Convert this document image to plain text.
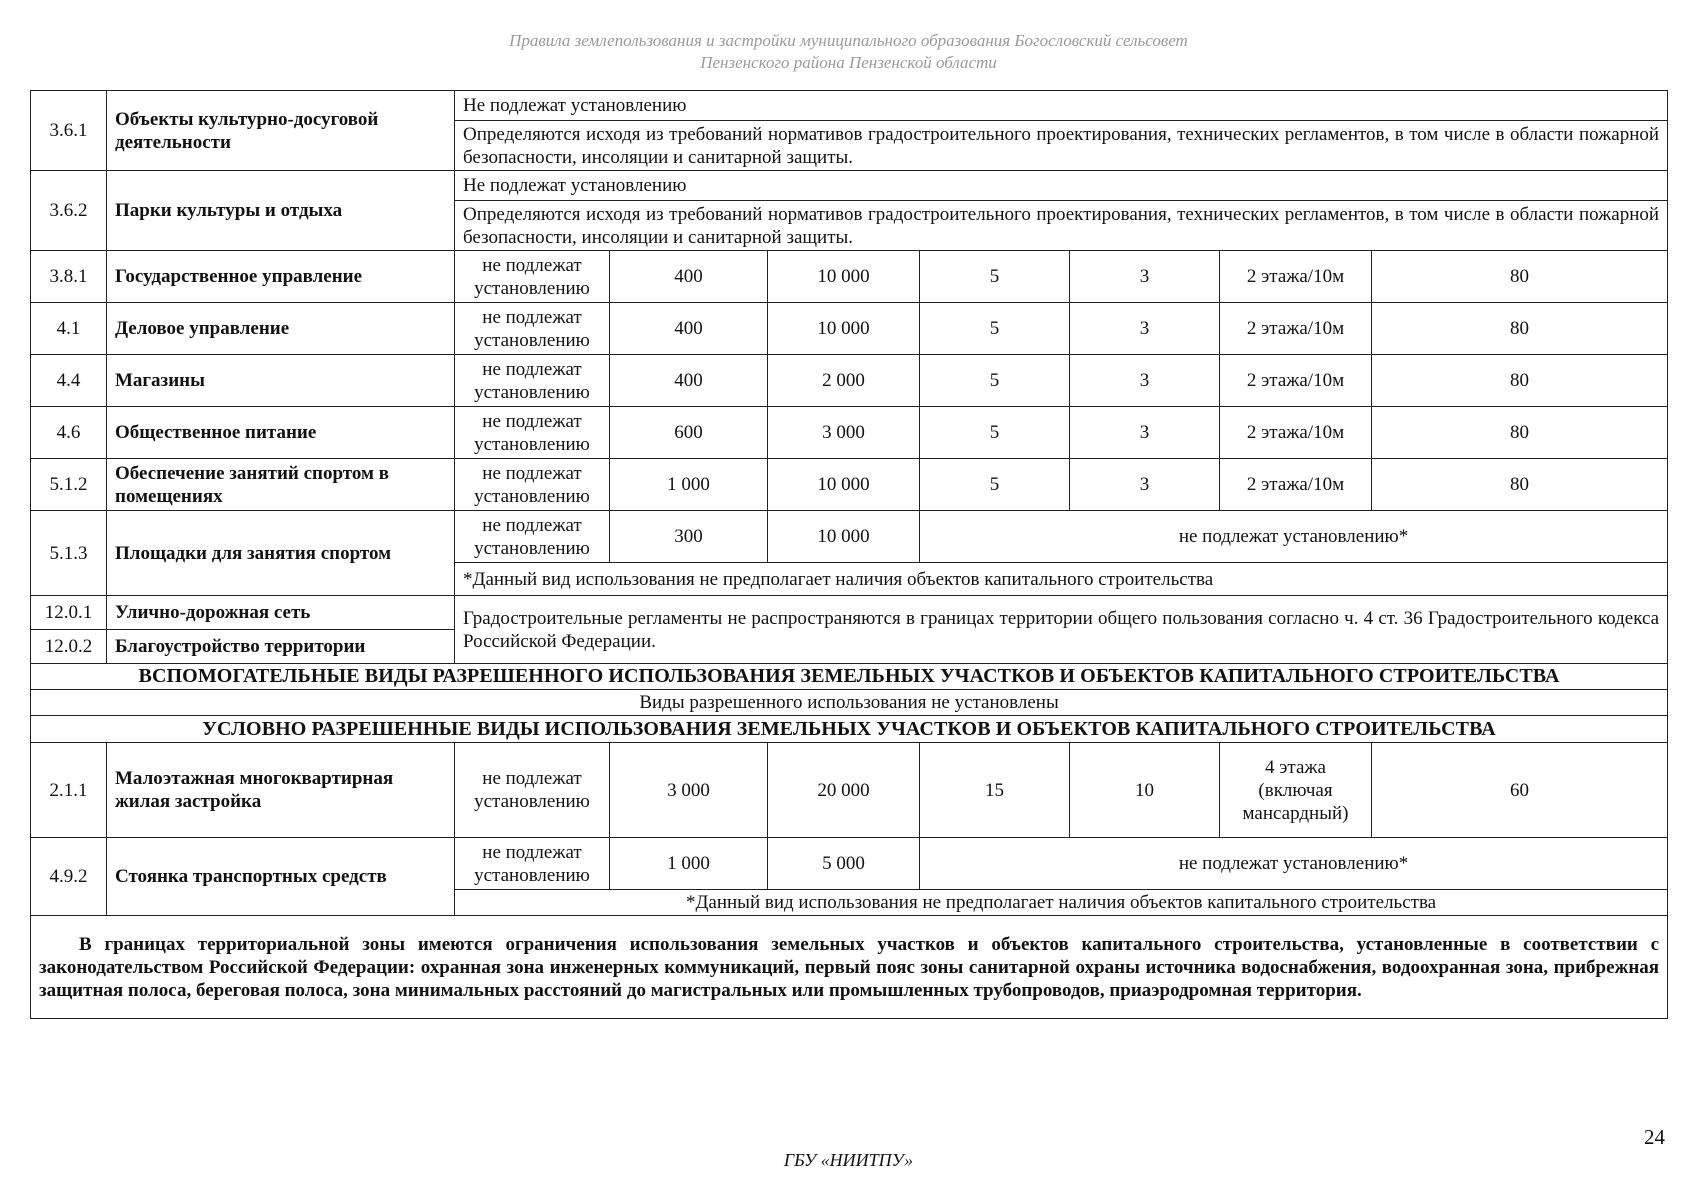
Правила землепользования и застройки муниципального образования Богословский сельсовет
Пензенского района Пензенской области
3.6.1	Объекты культурно-досуговой деятельности	Не подлежат установлению						
		Определяются исходя из требований нормативов градостроительного проектирования, технических регламентов, в том числе в области пожарной безопасности, инсоляции и санитарной защиты.						
3.6.2	Парки культуры и отдыха	Не подлежат установлению						
		Определяются исходя из требований нормативов градостроительного проектирования, технических регламентов, в том числе в области пожарной безопасности, инсоляции и санитарной защиты.						
3.8.1	Государственное управление	не подлежат установлению	400	10 000	5	3	2 этажа/10м	80
4.1	Деловое управление	не подлежат установлению	400	10 000	5	3	2 этажа/10м	80
4.4	Магазины	не подлежат установлению	400	2 000	5	3	2 этажа/10м	80
4.6	Общественное питание	не подлежат установлению	600	3 000	5	3	2 этажа/10м	80
5.1.2	Обеспечение занятий спортом в помещениях	не подлежат установлению	1 000	10 000	5	3	2 этажа/10м	80
5.1.3	Площадки для занятия спортом	не подлежат установлению	300	10 000	не подлежат установлению*			
		*Данный вид использования не предполагает наличия объектов капитального строительства						
12.0.1	Улично-дорожная сеть	Градостроительные регламенты не распространяются в границах территории общего пользования согласно ч. 4 ст. 36 Градостроительного кодекса Российской Федерации.						
12.0.2	Благоустройство территории							
ВСПОМОГАТЕЛЬНЫЕ ВИДЫ РАЗРЕШЕННОГО ИСПОЛЬЗОВАНИЯ ЗЕМЕЛЬНЫХ УЧАСТКОВ И ОБЪЕКТОВ КАПИТАЛЬНОГО СТРОИТЕЛЬСТВА								
Виды разрешенного использования не установлены								
УСЛОВНО РАЗРЕШЕННЫЕ ВИДЫ ИСПОЛЬЗОВАНИЯ ЗЕМЕЛЬНЫХ УЧАСТКОВ И ОБЪЕКТОВ КАПИТАЛЬНОГО СТРОИТЕЛЬСТВА								
2.1.1	Малоэтажная многоквартирная жилая застройка	не подлежат установлению	3 000	20 000	15	10	4 этажа (включая мансардный)	60
4.9.2	Стоянка транспортных средств	не подлежат установлению	1 000	5 000	не подлежат установлению*			
		*Данный вид использования не предполагает наличия объектов капитального строительства						
В границах территориальной зоны имеются ограничения использования земельных участков и объектов капитального строительства, установленные в соответствии с законодательством Российской Федерации: охранная зона инженерных коммуникаций, первый пояс зоны санитарной охраны источника водоснабжения, водоохранная зона, прибрежная защитная полоса, береговая полоса, зона минимальных расстояний до магистральных или промышленных трубопроводов, приаэродромная территория.								
24
ГБУ «НИИТПУ»
